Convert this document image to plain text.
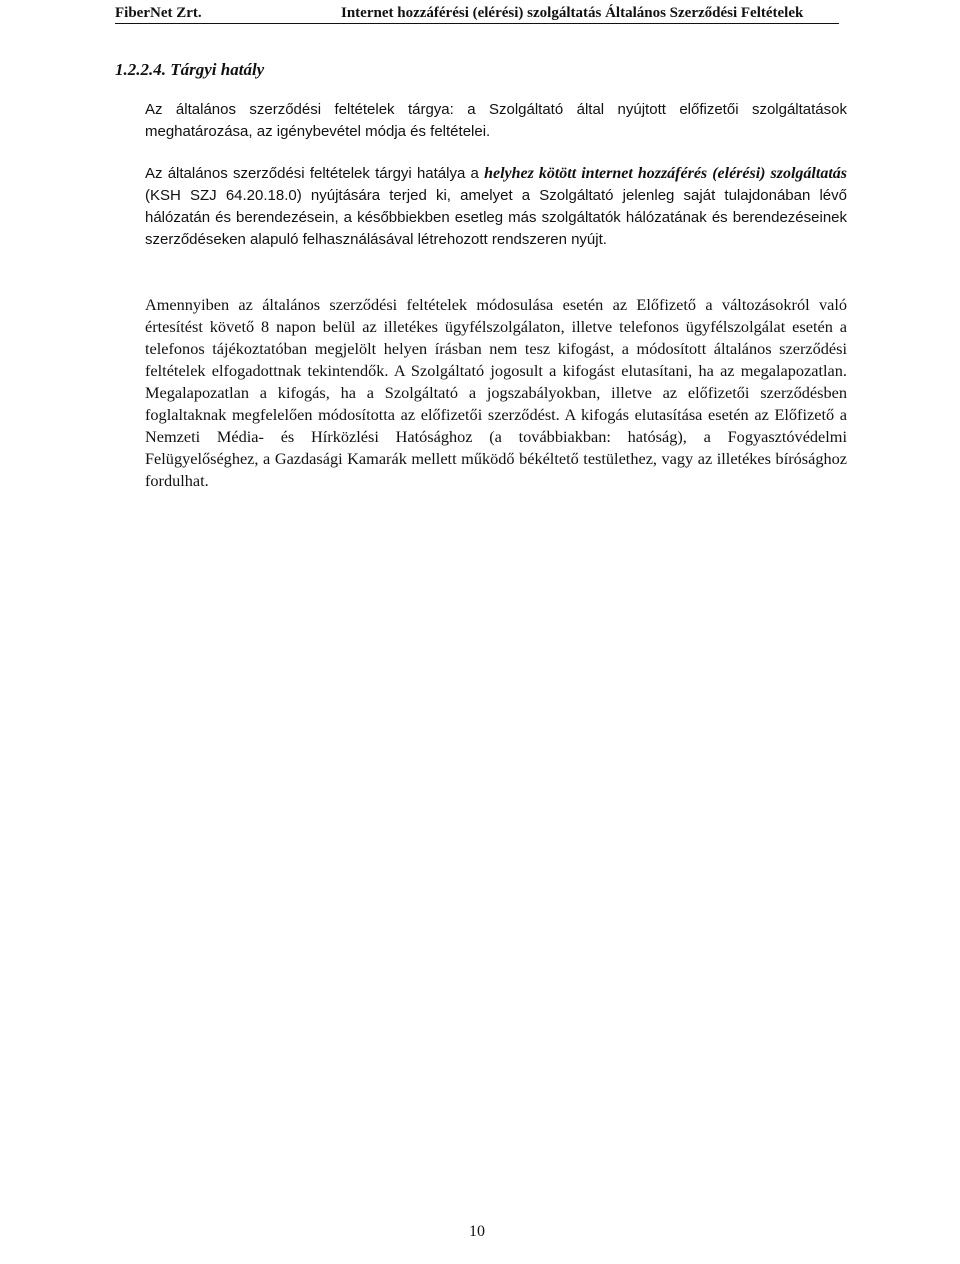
FiberNet Zrt.	Internet hozzáférési (elérési) szolgáltatás Általános Szerződési Feltételek
1.2.2.4. Tárgyi hatály

Az általános szerződési feltételek tárgya: a Szolgáltató által nyújtott előfizetői szolgáltatások meghatározása, az igénybevétel módja és feltételei.

Az általános szerződési feltételek tárgyi hatálya a helyhez kötött internet hozzáférés (elérési) szolgáltatás (KSH SZJ 64.20.18.0) nyújtására terjed ki, amelyet a Szolgáltató jelenleg saját tulajdonában lévő hálózatán és berendezésein, a későbbiekben esetleg más szolgáltatók hálózatának és berendezéseinek szerződéseken alapuló felhasználásával létrehozott rendszeren nyújt.

Amennyiben az általános szerződési feltételek módosulása esetén az Előfizető a változásokról való értesítést követő 8 napon belül az illetékes ügyfélszolgálaton, illetve telefonos ügyfélszolgálat esetén a telefonos tájékoztatóban megjelölt helyen írásban nem tesz kifogást, a módosított általános szerződési feltételek elfogadottnak tekintendők. A Szolgáltató jogosult a kifogást elutasítani, ha az megalapozatlan. Megalapozatlan a kifogás, ha a Szolgáltató a jogszabályokban, illetve az előfizetői szerződésben foglaltaknak megfelelően módosította az előfizetői szerződést. A kifogás elutasítása esetén az Előfizető a Nemzeti Média- és Hírközlési Hatósághoz (a továbbiakban: hatóság), a Fogyasztóvédelmi Felügyelőséghez, a Gazdasági Kamarák mellett működő békéltető testülethez, vagy az illetékes bírósághoz fordulhat.

10
